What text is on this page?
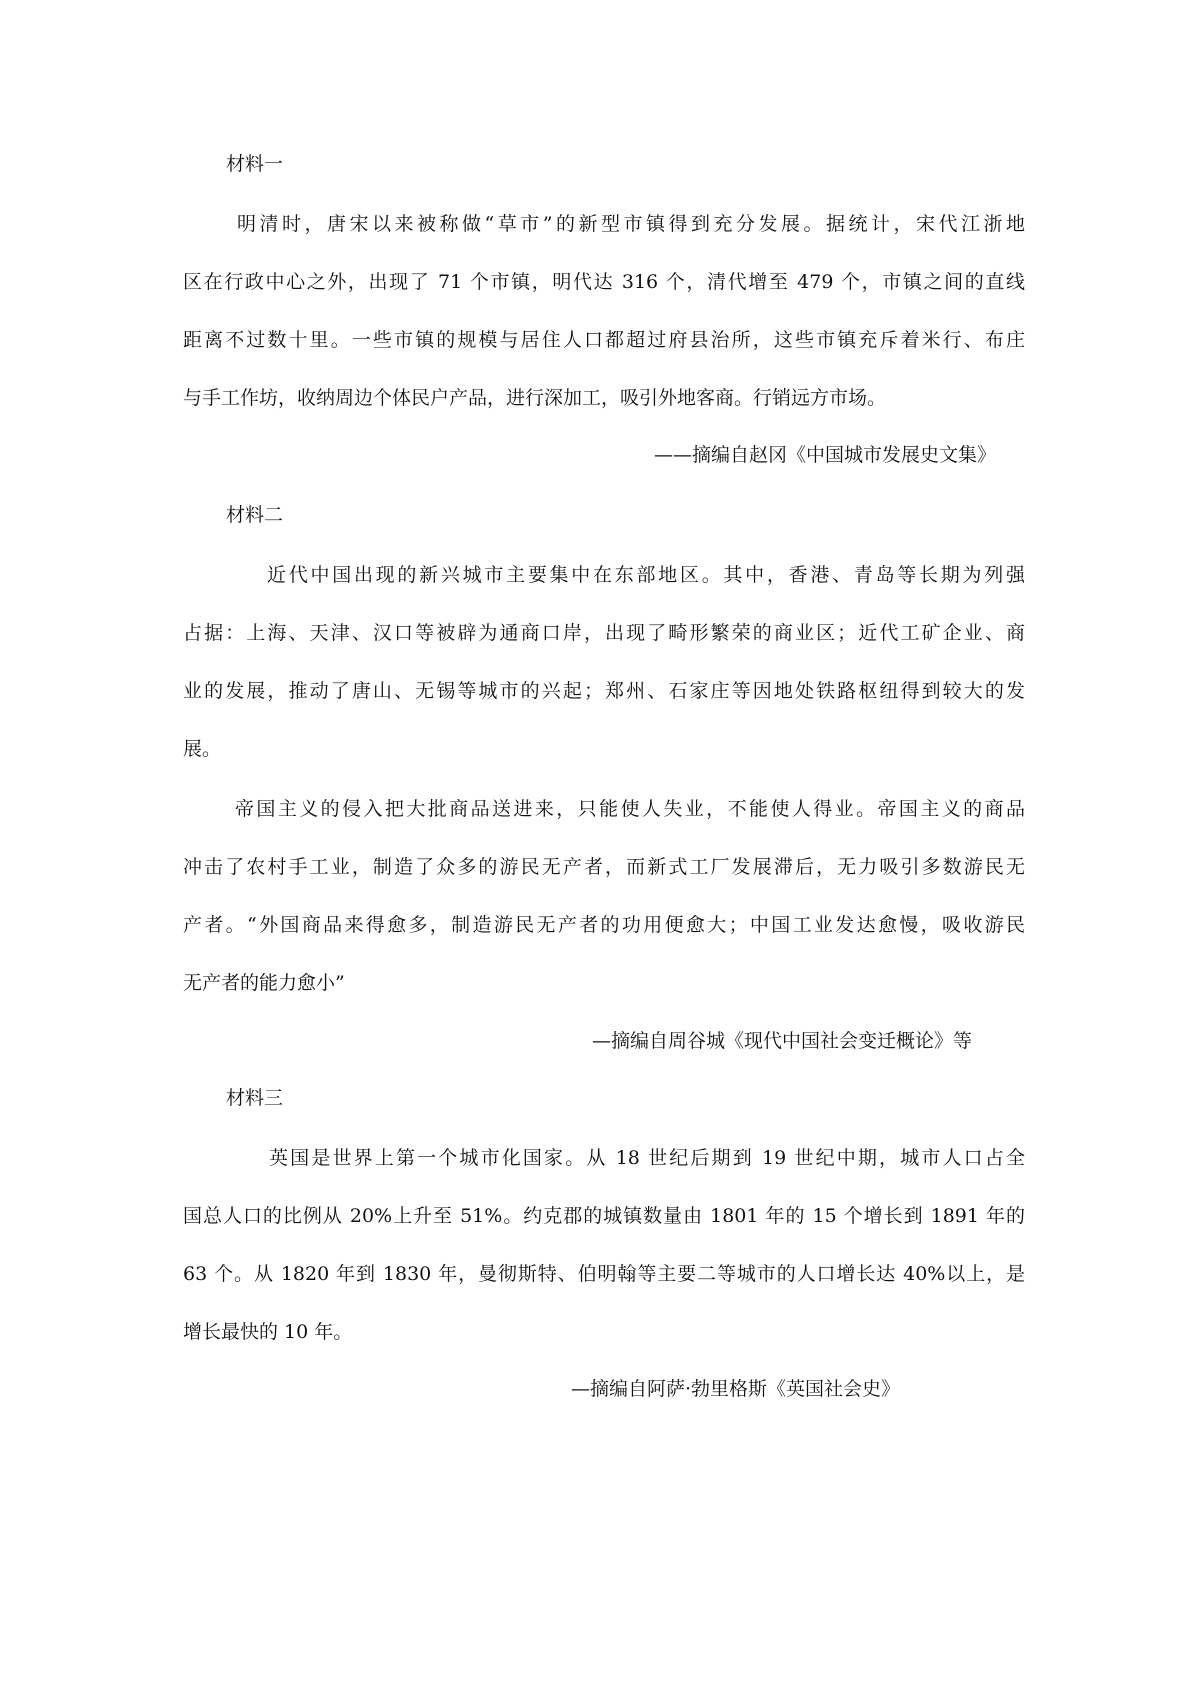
材料一
明清时，唐宋以来被称做“草市”的新型市镇得到充分发展。据统计，宋代江浙地
区在行政中心之外，出现了 71 个市镇，明代达 316 个，清代增至 479 个，市镇之间的直线
距离不过数十里。一些市镇的规模与居住人口都超过府县治所，这些市镇充斥着米行、布庄
与手工作坊，收纳周边个体民户产品，进行深加工，吸引外地客商。行销远方市场。
——摘编自赵冈《中国城市发展史文集》
材料二
近代中国出现的新兴城市主要集中在东部地区。其中，香港、青岛等长期为列强
占据：上海、天津、汉口等被辟为通商口岸，出现了畸形繁荣的商业区；近代工矿企业、商
业的发展，推动了唐山、无锡等城市的兴起；郑州、石家庄等因地处铁路枢纽得到较大的发
展。
帝国主义的侵入把大批商品送进来，只能使人失业，不能使人得业。帝国主义的商品
冲击了农村手工业，制造了众多的游民无产者，而新式工厂发展滞后，无力吸引多数游民无
产者。“外国商品来得愈多，制造游民无产者的功用便愈大；中国工业发达愈慢，吸收游民
无产者的能力愈小”
—摘编自周谷城《现代中国社会变迁概论》等
材料三
英国是世界上第一个城市化国家。从 18 世纪后期到 19 世纪中期，城市人口占全
国总人口的比例从 20%上升至 51%。约克郡的城镇数量由 1801 年的 15 个增长到 1891 年的
63 个。从 1820 年到 1830 年，曼彻斯特、伯明翰等主要二等城市的人口增长达 40%以上，是
增长最快的 10 年。
—摘编自阿萨·勃里格斯《英国社会史》
